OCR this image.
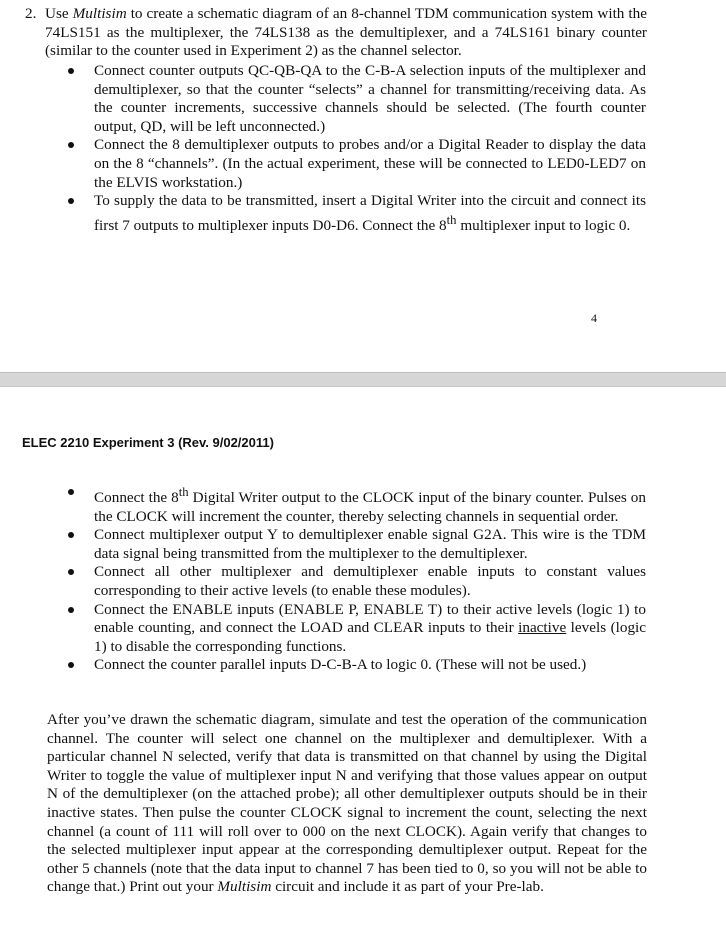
2. Use Multisim to create a schematic diagram of an 8-channel TDM communication system with the 74LS151 as the multiplexer, the 74LS138 as the demultiplexer, and a 74LS161 binary counter (similar to the counter used in Experiment 2) as the channel selector.
Connect counter outputs QC-QB-QA to the C-B-A selection inputs of the multiplexer and demultiplexer, so that the counter “selects” a channel for transmitting/receiving data. As the counter increments, successive channels should be selected. (The fourth counter output, QD, will be left unconnected.)
Connect the 8 demultiplexer outputs to probes and/or a Digital Reader to display the data on the 8 “channels”. (In the actual experiment, these will be connected to LED0-LED7 on the ELVIS workstation.)
To supply the data to be transmitted, insert a Digital Writer into the circuit and connect its first 7 outputs to multiplexer inputs D0-D6. Connect the 8th multiplexer input to logic 0.
4
ELEC 2210 Experiment 3 (Rev. 9/02/2011)
Connect the 8th Digital Writer output to the CLOCK input of the binary counter. Pulses on the CLOCK will increment the counter, thereby selecting channels in sequential order.
Connect multiplexer output Y to demultiplexer enable signal G2A. This wire is the TDM data signal being transmitted from the multiplexer to the demultiplexer.
Connect all other multiplexer and demultiplexer enable inputs to constant values corresponding to their active levels (to enable these modules).
Connect the ENABLE inputs (ENABLE P, ENABLE T) to their active levels (logic 1) to enable counting, and connect the LOAD and CLEAR inputs to their inactive levels (logic 1) to disable the corresponding functions.
Connect the counter parallel inputs D-C-B-A to logic 0. (These will not be used.)
After you’ve drawn the schematic diagram, simulate and test the operation of the communication channel. The counter will select one channel on the multiplexer and demultiplexer. With a particular channel N selected, verify that data is transmitted on that channel by using the Digital Writer to toggle the value of multiplexer input N and verifying that those values appear on output N of the demultiplexer (on the attached probe); all other demultiplexer outputs should be in their inactive states. Then pulse the counter CLOCK signal to increment the count, selecting the next channel (a count of 111 will roll over to 000 on the next CLOCK). Again verify that changes to the selected multiplexer input appear at the corresponding demultiplexer output. Repeat for the other 5 channels (note that the data input to channel 7 has been tied to 0, so you will not be able to change that.) Print out your Multisim circuit and include it as part of your Pre-lab.
